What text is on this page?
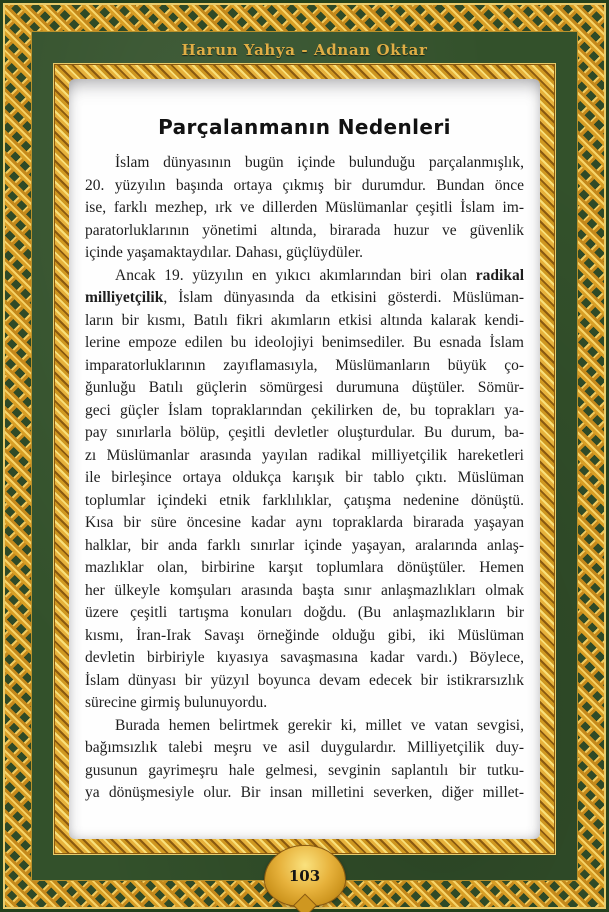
Harun Yahya - Adnan Oktar
Parçalanmanın Nedenleri
İslam dünyasının bugün içinde bulunduğu parçalanmışlık,
20. yüzyılın başında ortaya çıkmış bir durumdur. Bundan önce
ise, farklı mezhep, ırk ve dillerden Müslümanlar çeşitli İslam im-
paratorluklarının yönetimi altında, birarada huzur ve güvenlik
içinde yaşamaktaydılar. Dahası, güçlüydüler.
Ancak 19. yüzyılın en yıkıcı akımlarından biri olan radikal
milliyetçilik, İslam dünyasında da etkisini gösterdi. Müslüman-
ların bir kısmı, Batılı fikri akımların etkisi altında kalarak kendi-
lerine empoze edilen bu ideolojiyi benimsediler. Bu esnada İslam
imparatorluklarının zayıflamasıyla, Müslümanların büyük ço-
ğunluğu Batılı güçlerin sömürgesi durumuna düştüler. Sömür-
geci güçler İslam topraklarından çekilirken de, bu toprakları ya-
pay sınırlarla bölüp, çeşitli devletler oluşturdular. Bu durum, ba-
zı Müslümanlar arasında yayılan radikal milliyetçilik hareketleri
ile birleşince ortaya oldukça karışık bir tablo çıktı. Müslüman
toplumlar içindeki etnik farklılıklar, çatışma nedenine dönüştü.
Kısa bir süre öncesine kadar aynı topraklarda birarada yaşayan
halklar, bir anda farklı sınırlar içinde yaşayan, aralarında anlaş-
mazlıklar olan, birbirine karşıt toplumlara dönüştüler. Hemen
her ülkeyle komşuları arasında başta sınır anlaşmazlıkları olmak
üzere çeşitli tartışma konuları doğdu. (Bu anlaşmazlıkların bir
kısmı, İran-Irak Savaşı örneğinde olduğu gibi, iki Müslüman
devletin birbiriyle kıyasıya savaşmasına kadar vardı.) Böylece,
İslam dünyası bir yüzyıl boyunca devam edecek bir istikrarsızlık
sürecine girmiş bulunuyordu.
Burada hemen belirtmek gerekir ki, millet ve vatan sevgisi,
bağımsızlık talebi meşru ve asil duygulardır. Milliyetçilik duy-
gusunun gayrimeşru hale gelmesi, sevginin saplantılı bir tutku-
ya dönüşmesiyle olur. Bir insan milletini severken, diğer millet-
103
